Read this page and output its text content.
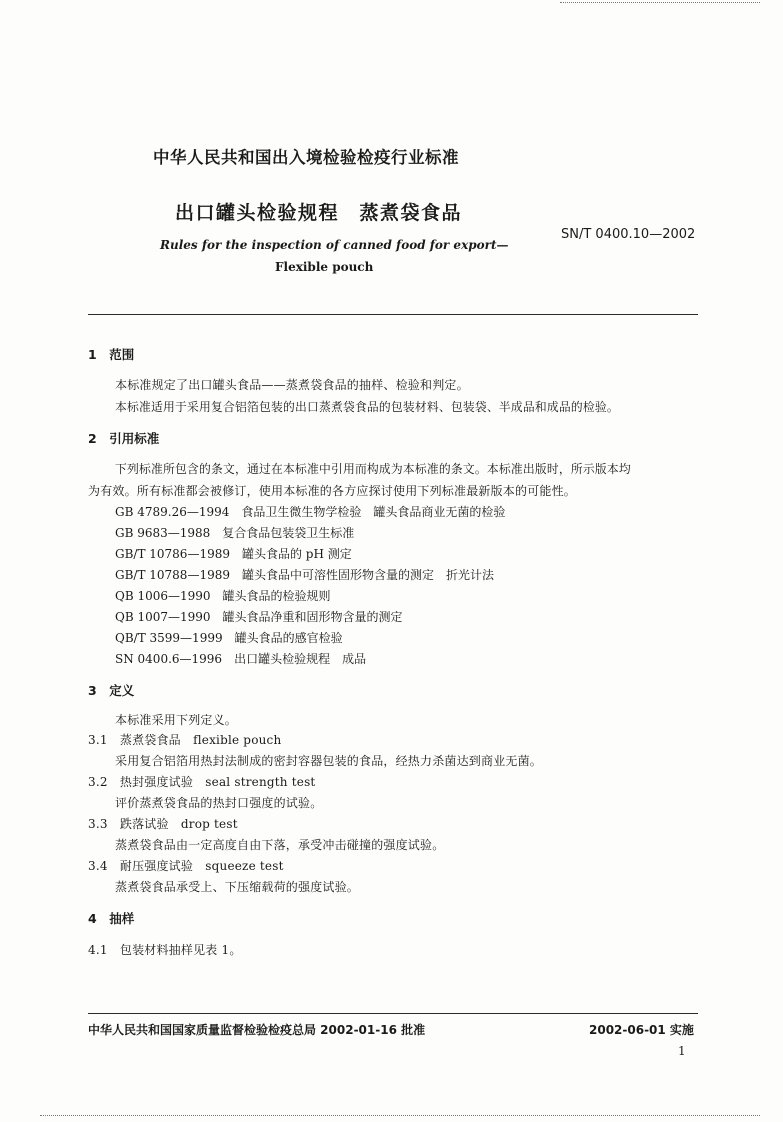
中华人民共和国出入境检验检疫行业标准
出口罐头检验规程　蒸煮袋食品
SN/T 0400.10—2002
Rules for the inspection of canned food for export—
Flexible pouch
1　范围
本标准规定了出口罐头食品——蒸煮袋食品的抽样、检验和判定。
本标准适用于采用复合铝箔包装的出口蒸煮袋食品的包装材料、包装袋、半成品和成品的检验。
2　引用标准
下列标准所包含的条文，通过在本标准中引用而构成为本标准的条文。本标准出版时，所示版本均
为有效。所有标准都会被修订，使用本标准的各方应探讨使用下列标准最新版本的可能性。
GB 4789.26—1994　食品卫生微生物学检验　罐头食品商业无菌的检验
GB 9683—1988　复合食品包装袋卫生标准
GB/T 10786—1989　罐头食品的 pH 测定
GB/T 10788—1989　罐头食品中可溶性固形物含量的测定　折光计法
QB 1006—1990　罐头食品的检验规则
QB 1007—1990　罐头食品净重和固形物含量的测定
QB/T 3599—1999　罐头食品的感官检验
SN 0400.6—1996　出口罐头检验规程　成品
3　定义
本标准采用下列定义。
3.1　蒸煮袋食品　flexible pouch
采用复合铝箔用热封法制成的密封容器包装的食品，经热力杀菌达到商业无菌。
3.2　热封强度试验　seal strength test
评价蒸煮袋食品的热封口强度的试验。
3.3　跌落试验　drop test
蒸煮袋食品由一定高度自由下落，承受冲击碰撞的强度试验。
3.4　耐压强度试验　squeeze test
蒸煮袋食品承受上、下压缩载荷的强度试验。
4　抽样
4.1　包装材料抽样见表 1。
中华人民共和国国家质量监督检验检疫总局 2002-01-16 批准	2002-06-01 实施
1
